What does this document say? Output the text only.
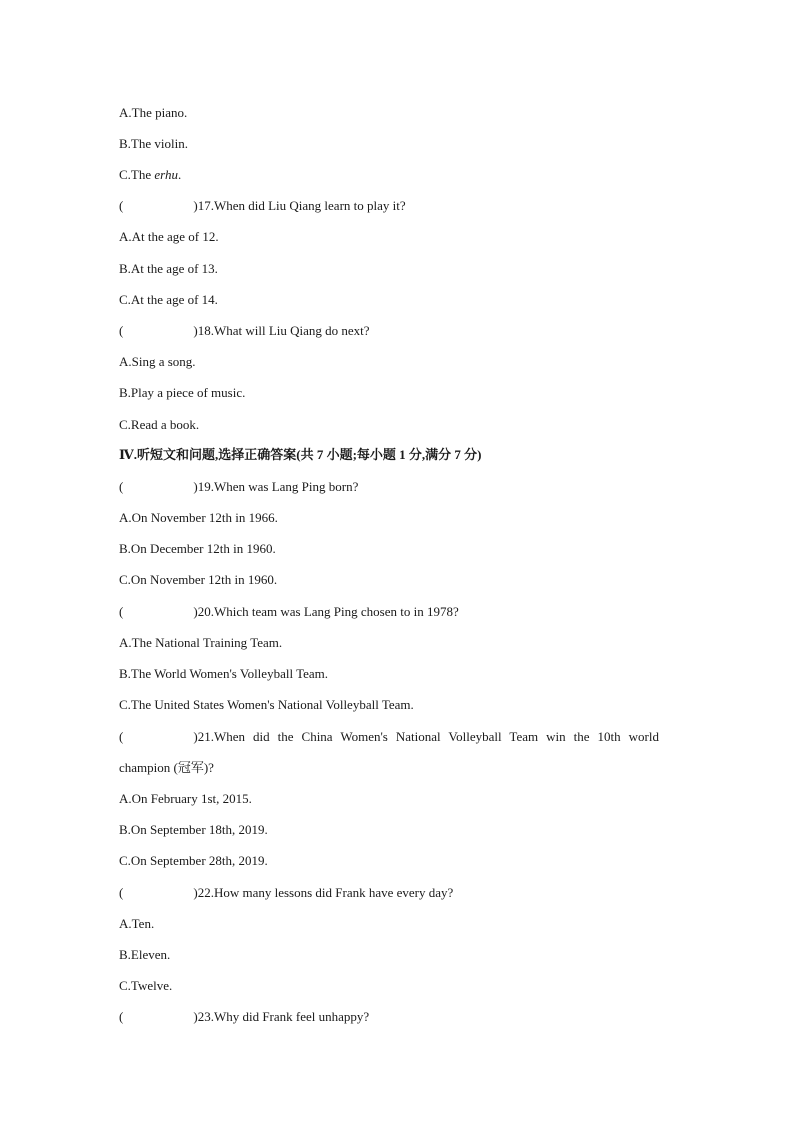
A.The piano.
B.The violin.
C.The erhu.
(	)17.When did Liu Qiang learn to play it?
A.At the age of 12.
B.At the age of 13.
C.At the age of 14.
(	)18.What will Liu Qiang do next?
A.Sing a song.
B.Play a piece of music.
C.Read a book.
Ⅳ.听短文和问题,选择正确答案(共 7 小题;每小题 1 分,满分 7 分)
(	)19.When was Lang Ping born?
A.On November 12th in 1966.
B.On December 12th in 1960.
C.On November 12th in 1960.
(	)20.Which team was Lang Ping chosen to in 1978?
A.The National Training Team.
B.The World Women's Volleyball Team.
C.The United States Women's National Volleyball Team.
(	)21.When did the China Women's National Volleyball Team win the 10th world champion (冠军)?
A.On February 1st, 2015.
B.On September 18th, 2019.
C.On September 28th, 2019.
(	)22.How many lessons did Frank have every day?
A.Ten.
B.Eleven.
C.Twelve.
(	)23.Why did Frank feel unhappy?
